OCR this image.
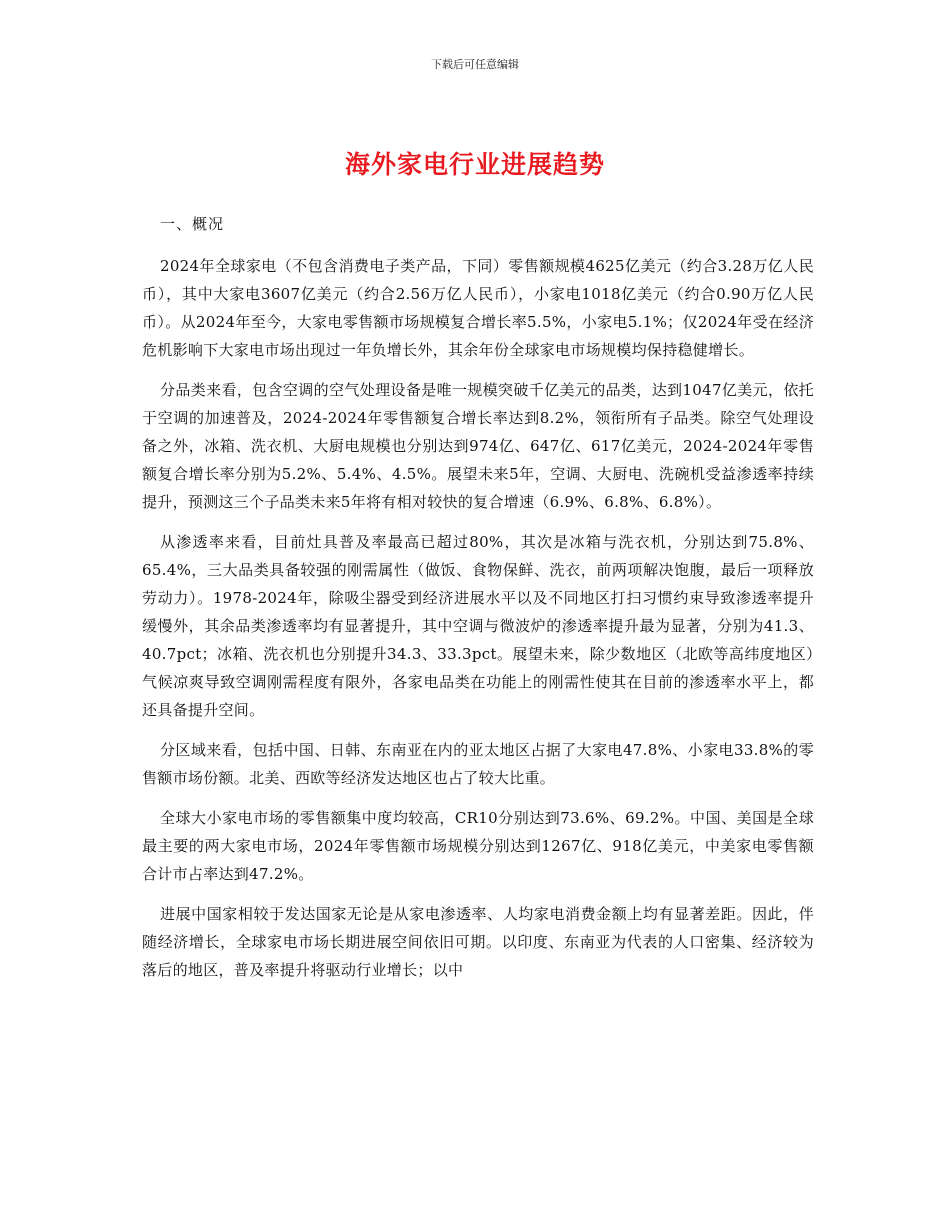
下载后可任意编辑
海外家电行业进展趋势

一、概况

2024年全球家电（不包含消费电子类产品，下同）零售额规模4625亿美元（约合3.28万亿人民币），其中大家电3607亿美元（约合2.56万亿人民币），小家电1018亿美元（约合0.90万亿人民币）。从2024年至今，大家电零售额市场规模复合增长率5.5%，小家电5.1%；仅2024年受在经济危机影响下大家电市场出现过一年负增长外，其余年份全球家电市场规模均保持稳健增长。

分品类来看，包含空调的空气处理设备是唯一规模突破千亿美元的品类，达到1047亿美元，依托于空调的加速普及，2024-2024年零售额复合增长率达到8.2%，领衔所有子品类。除空气处理设备之外，冰箱、洗衣机、大厨电规模也分别达到974亿、647亿、617亿美元，2024-2024年零售额复合增长率分别为5.2%、5.4%、4.5%。展望未来5年，空调、大厨电、洗碗机受益渗透率持续提升，预测这三个子品类未来5年将有相对较快的复合增速（6.9%、6.8%、6.8%）。

从渗透率来看，目前灶具普及率最高已超过80%，其次是冰箱与洗衣机，分别达到75.8%、65.4%，三大品类具备较强的刚需属性（做饭、食物保鲜、洗衣，前两项解决饱腹，最后一项释放劳动力）。1978-2024年，除吸尘器受到经济进展水平以及不同地区打扫习惯约束导致渗透率提升缓慢外，其余品类渗透率均有显著提升，其中空调与微波炉的渗透率提升最为显著，分别为41.3、40.7pct；冰箱、洗衣机也分别提升34.3、33.3pct。展望未来，除少数地区（北欧等高纬度地区）气候凉爽导致空调刚需程度有限外，各家电品类在功能上的刚需性使其在目前的渗透率水平上，都还具备提升空间。

分区域来看，包括中国、日韩、东南亚在内的亚太地区占据了大家电47.8%、小家电33.8%的零售额市场份额。北美、西欧等经济发达地区也占了较大比重。

全球大小家电市场的零售额集中度均较高，CR10分别达到73.6%、69.2%。中国、美国是全球最主要的两大家电市场，2024年零售额市场规模分别达到1267亿、918亿美元，中美家电零售额合计市占率达到47.2%。

进展中国家相较于发达国家无论是从家电渗透率、人均家电消费金额上均有显著差距。因此，伴随经济增长，全球家电市场长期进展空间依旧可期。以印度、东南亚为代表的人口密集、经济较为落后的地区，普及率提升将驱动行业增长；以中
